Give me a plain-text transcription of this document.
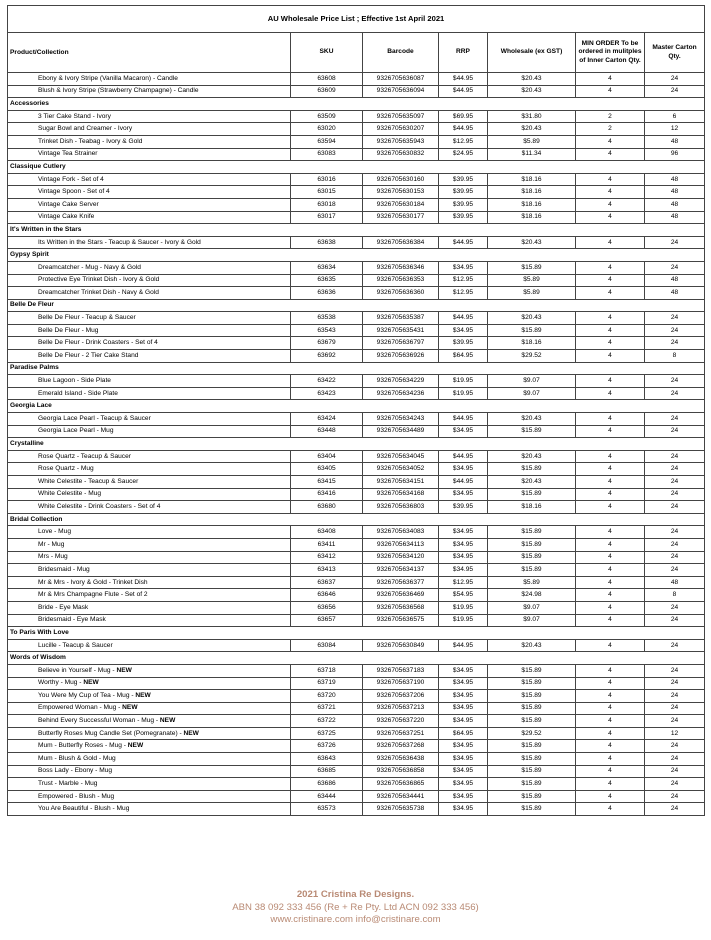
AU Wholesale Price List ; Effective 1st April 2021						
Product/Collection	SKU	Barcode	RRP	Wholesale (ex GST)	MIN ORDER To be ordered in mulitples of Inner Carton Qty.	Master Carton Qty.
Ebony & Ivory Stripe (Vanilla Macaron) - Candle	63608	9326705636087	$44.95	$20.43	4	24
Blush & Ivory Stripe (Strawberry Champagne) - Candle	63609	9326705636094	$44.95	$20.43	4	24
Accessories						
3 Tier Cake Stand - Ivory	63509	9326705635097	$69.95	$31.80	2	6
Sugar Bowl and Creamer - Ivory	63020	9326705630207	$44.95	$20.43	2	12
Trinket Dish - Teabag - Ivory & Gold	63594	9326705635943	$12.95	$5.89	4	48
Vintage Tea Strainer	63083	9326705630832	$24.95	$11.34	4	96
Classique Cutlery						
Vintage Fork - Set of 4	63016	9326705630160	$39.95	$18.16	4	48
Vintage Spoon - Set of 4	63015	9326705630153	$39.95	$18.16	4	48
Vintage Cake Server	63018	9326705630184	$39.95	$18.16	4	48
Vintage Cake Knife	63017	9326705630177	$39.95	$18.16	4	48
It's Written in the Stars						
Its Written in the Stars - Teacup & Saucer - Ivory & Gold	63638	9326705636384	$44.95	$20.43	4	24
Gypsy Spirit						
Dreamcatcher - Mug - Navy & Gold	63634	9326705636346	$34.95	$15.89	4	24
Protective Eye Trinket Dish - Ivory & Gold	63635	9326705636353	$12.95	$5.89	4	48
Dreamcatcher Trinket Dish - Navy & Gold	63636	9326705636360	$12.95	$5.89	4	48
Belle De Fleur						
Belle De Fleur - Teacup & Saucer	63538	9326705635387	$44.95	$20.43	4	24
Belle De Fleur - Mug	63543	9326705635431	$34.95	$15.89	4	24
Belle De Fleur - Drink Coasters - Set of 4	63679	9326705636797	$39.95	$18.16	4	24
Belle De Fleur - 2 Tier Cake Stand	63692	9326705636926	$64.95	$29.52	4	8
Paradise Palms						
Blue Lagoon - Side Plate	63422	9326705634229	$19.95	$9.07	4	24
Emerald Island - Side Plate	63423	9326705634236	$19.95	$9.07	4	24
Georgia Lace						
Georgia Lace Pearl - Teacup & Saucer	63424	9326705634243	$44.95	$20.43	4	24
Georgia Lace Pearl - Mug	63448	9326705634489	$34.95	$15.89	4	24
Crystalline						
Rose Quartz - Teacup & Saucer	63404	9326705634045	$44.95	$20.43	4	24
Rose Quartz - Mug	63405	9326705634052	$34.95	$15.89	4	24
White Celestite - Teacup & Saucer	63415	9326705634151	$44.95	$20.43	4	24
White Celestite - Mug	63416	9326705634168	$34.95	$15.89	4	24
White Celestite - Drink Coasters - Set of 4	63680	9326705636803	$39.95	$18.16	4	24
Bridal Collection						
Love - Mug	63408	9326705634083	$34.95	$15.89	4	24
Mr - Mug	63411	9326705634113	$34.95	$15.89	4	24
Mrs - Mug	63412	9326705634120	$34.95	$15.89	4	24
Bridesmaid - Mug	63413	9326705634137	$34.95	$15.89	4	24
Mr & Mrs - Ivory & Gold - Trinket Dish	63637	9326705636377	$12.95	$5.89	4	48
Mr & Mrs Champagne Flute - Set of 2	63646	9326705636469	$54.95	$24.98	4	8
Bride - Eye Mask	63656	9326705636568	$19.95	$9.07	4	24
Bridesmaid - Eye Mask	63657	9326705636575	$19.95	$9.07	4	24
To Paris With Love						
Lucille - Teacup & Saucer	63084	9326705630849	$44.95	$20.43	4	24
Words of Wisdom						
Believe in Yourself - Mug - NEW	63718	9326705637183	$34.95	$15.89	4	24
Worthy - Mug - NEW	63719	9326705637190	$34.95	$15.89	4	24
You Were My Cup of Tea - Mug - NEW	63720	9326705637206	$34.95	$15.89	4	24
Empowered Woman - Mug - NEW	63721	9326705637213	$34.95	$15.89	4	24
Behind Every Successful Woman - Mug - NEW	63722	9326705637220	$34.95	$15.89	4	24
Butterfly Roses Mug Candle Set (Pomegranate) - NEW	63725	9326705637251	$64.95	$29.52	4	12
Mum - Butterfly Roses - Mug - NEW	63726	9326705637268	$34.95	$15.89	4	24
Mum - Blush & Gold - Mug	63643	9326705636438	$34.95	$15.89	4	24
Boss Lady - Ebony - Mug	63685	9326705636858	$34.95	$15.89	4	24
Trust - Marble - Mug	63686	9326705636865	$34.95	$15.89	4	24
Empowered - Blush - Mug	63444	9326705634441	$34.95	$15.89	4	24
You Are Beautiful - Blush - Mug	63573	9326705635738	$34.95	$15.89	4	24
2021 Cristina Re Designs.
ABN 38 092 333 456 (Re + Re Pty. Ltd ACN 092 333 456)
www.cristinare.com info@cristinare.com
